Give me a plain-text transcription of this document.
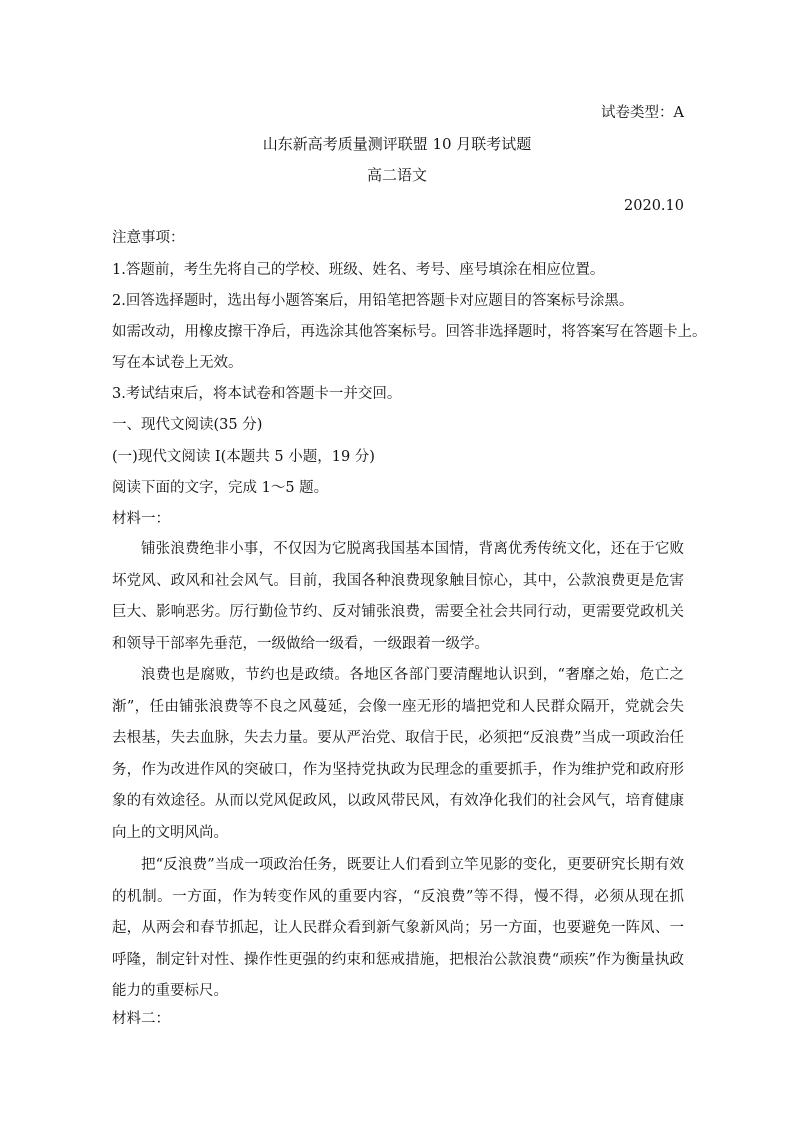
试卷类型：A
山东新高考质量测评联盟 10 月联考试题
高二语文
2020.10
注意事项：
1.答题前，考生先将自己的学校、班级、姓名、考号、座号填涂在相应位置。
2.回答选择题时，选出每小题答案后，用铅笔把答题卡对应题目的答案标号涂黑。
如需改动，用橡皮擦干净后，再选涂其他答案标号。回答非选择题时，将答案写在答题卡上。
写在本试卷上无效。
3.考试结束后，将本试卷和答题卡一并交回。
一、现代文阅读(35 分)
(一)现代文阅读 I(本题共 5 小题，19 分)
阅读下面的文字，完成 1～5 题。
材料一：
铺张浪费绝非小事，不仅因为它脱离我国基本国情，背离优秀传统文化，还在于它败坏党风、政风和社会风气。目前，我国各种浪费现象触目惊心，其中，公款浪费更是危害巨大、影响恶劣。厉行勤俭节约、反对铺张浪费，需要全社会共同行动，更需要党政机关和领导干部率先垂范，一级做给一级看，一级跟着一级学。
浪费也是腐败，节约也是政绩。各地区各部门要清醒地认识到，“奢靡之始，危亡之渐”，任由铺张浪费等不良之风蔓延，会像一座无形的墙把党和人民群众隔开，党就会失去根基，失去血脉，失去力量。要从严治党、取信于民，必须把“反浪费”当成一项政治任务，作为改进作风的突破口，作为坚持党执政为民理念的重要抓手，作为维护党和政府形象的有效途径。从而以党风促政风，以政风带民风，有效净化我们的社会风气，培育健康向上的文明风尚。
把“反浪费”当成一项政治任务，既要让人们看到立竿见影的变化，更要研究长期有效的机制。一方面，作为转变作风的重要内容，“反浪费”等不得，慢不得，必须从现在抓起，从两会和春节抓起，让人民群众看到新气象新风尚；另一方面，也要避免一阵风、一呼隆，制定针对性、操作性更强的约束和惩戒措施，把根治公款浪费“顽疾”作为衡量执政能力的重要标尺。
材料二：
